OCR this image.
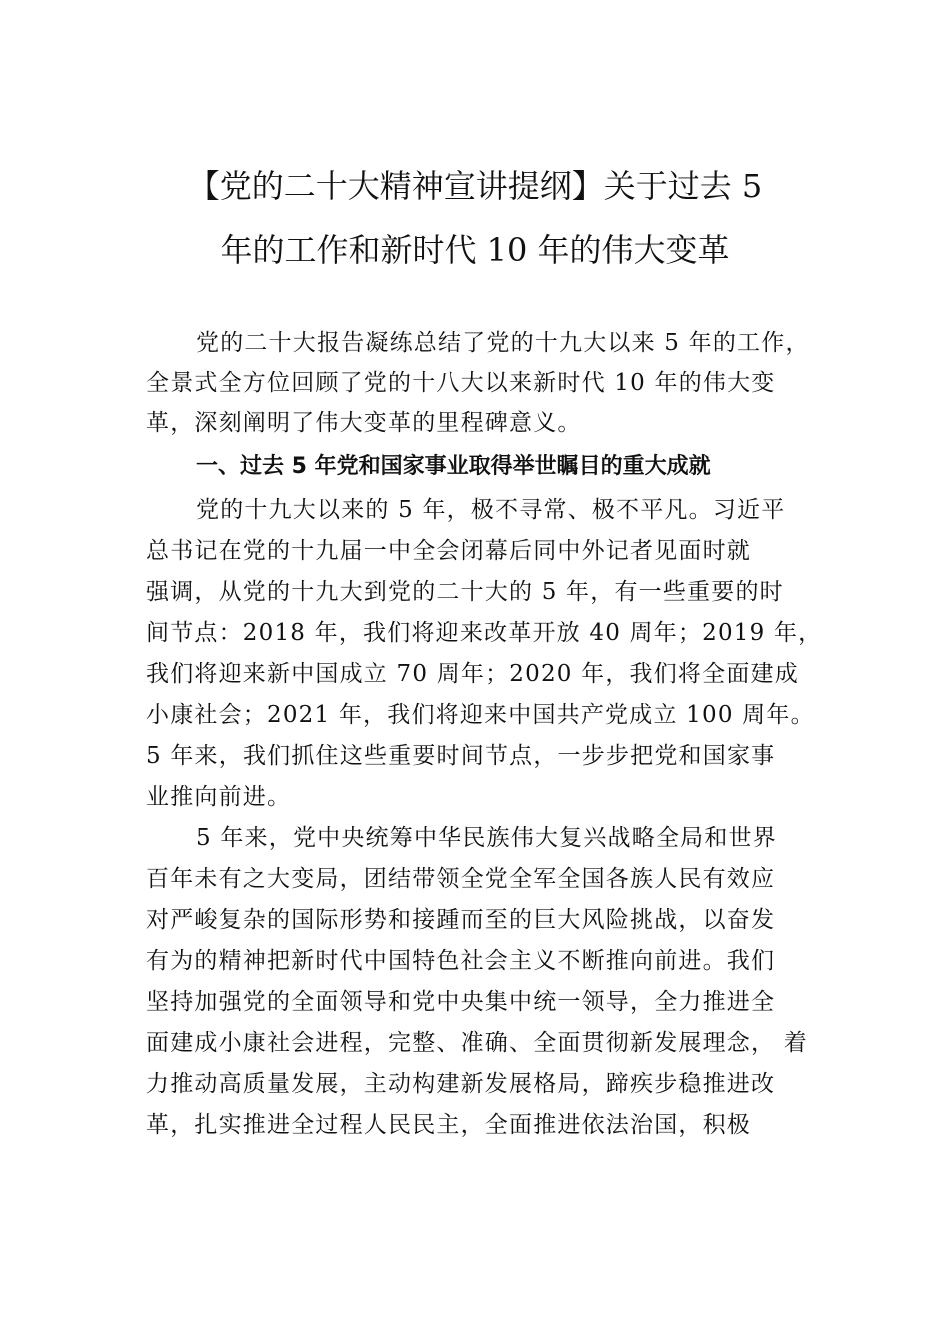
【党的二十大精神宣讲提纲】关于过去 5
年的工作和新时代 10 年的伟大变革
党的二十大报告凝练总结了党的十九大以来 5 年的工作，
全景式全方位回顾了党的十八大以来新时代 10 年的伟大变
革，深刻阐明了伟大变革的里程碑意义。
一、过去 5 年党和国家事业取得举世瞩目的重大成就
党的十九大以来的 5 年，极不寻常、极不平凡。习近平
总书记在党的十九届一中全会闭幕后同中外记者见面时就
强调，从党的十九大到党的二十大的 5 年，有一些重要的时
间节点：2018 年，我们将迎来改革开放 40 周年；2019 年，
我们将迎来新中国成立 70 周年；2020 年，我们将全面建成
小康社会；2021 年，我们将迎来中国共产党成立 100 周年。
5 年来，我们抓住这些重要时间节点，一步步把党和国家事
业推向前进。
5 年来，党中央统筹中华民族伟大复兴战略全局和世界
百年未有之大变局，团结带领全党全军全国各族人民有效应
对严峻复杂的国际形势和接踵而至的巨大风险挑战，以奋发
有为的精神把新时代中国特色社会主义不断推向前进。我们
坚持加强党的全面领导和党中央集中统一领导，全力推进全
面建成小康社会进程，完整、准确、全面贯彻新发展理念， 着
力推动高质量发展，主动构建新发展格局，蹄疾步稳推进改
革，扎实推进全过程人民民主，全面推进依法治国，积极
